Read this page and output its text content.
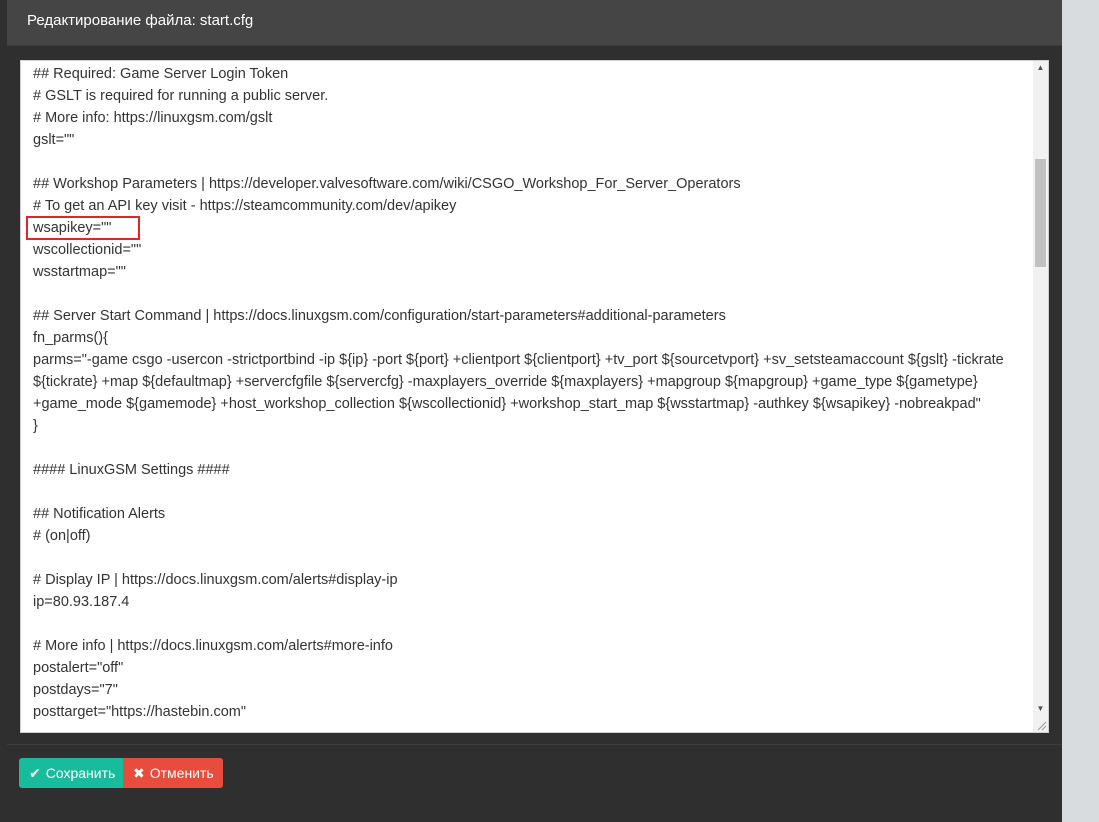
Редактирование файла: start.cfg
## Required: Game Server Login Token
# GSLT is required for running a public server.
# More info: https://linuxgsm.com/gslt
gslt=""
## Workshop Parameters | https://developer.valvesoftware.com/wiki/CSGO_Workshop_For_Server_Operators
# To get an API key visit - https://steamcommunity.com/dev/apikey
wsapikey=""
wscollectionid=""
wsstartmap=""
## Server Start Command | https://docs.linuxgsm.com/configuration/start-parameters#additional-parameters
fn_parms(){
parms="-game csgo -usercon -strictportbind -ip ${ip} -port ${port} +clientport ${clientport} +tv_port ${sourcetvport} +sv_setsteamaccount ${gslt} -tickrate ${tickrate} +map ${defaultmap} +servercfgfile ${servercfg} -maxplayers_override ${maxplayers} +mapgroup ${mapgroup} +game_type ${gametype} +game_mode ${gamemode} +host_workshop_collection ${wscollectionid} +workshop_start_map ${wsstartmap} -authkey ${wsapikey} -nobreakpad"
}
#### LinuxGSM Settings ####
## Notification Alerts
# (on|off)
# Display IP | https://docs.linuxgsm.com/alerts#display-ip
ip=80.93.187.4
# More info | https://docs.linuxgsm.com/alerts#more-info
postalert="off"
postdays="7"
posttarget="https://hastebin.com"
▲
▼
✔ Сохранить ✖ Отменить
